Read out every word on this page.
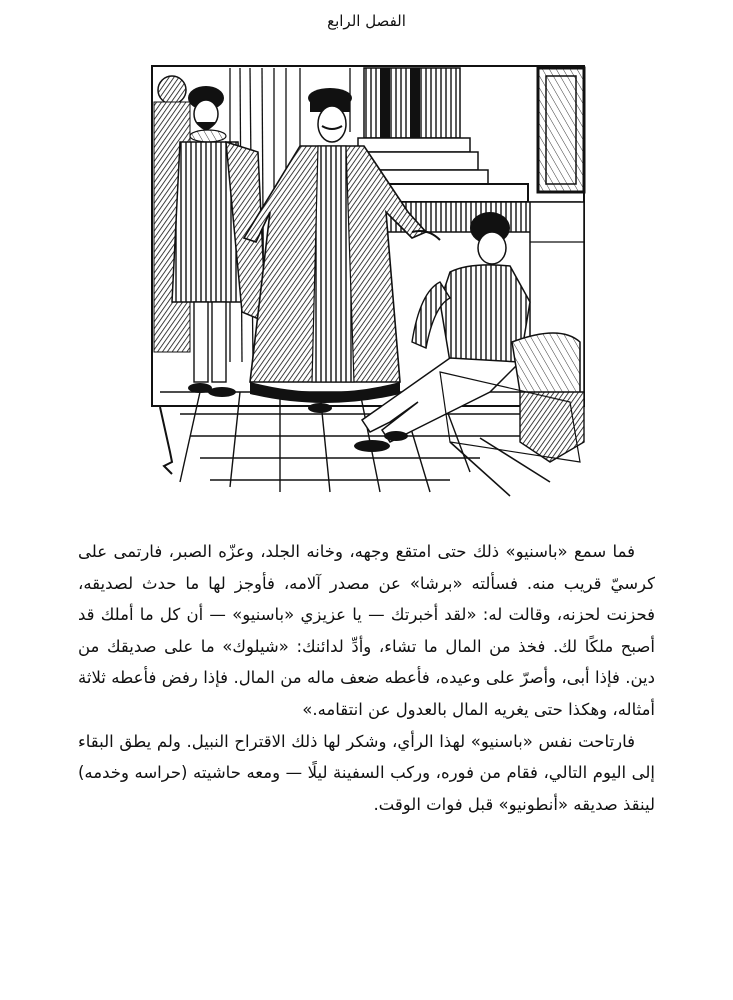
الفصل الرابع

فما سمع «باسنيو» ذلك حتى امتقع وجهه، وخانه الجلد، وعزّه الصبر، فارتمى على كرسيّ قريب منه. فسألته «برشا» عن مصدر آلامه، فأوجز لها ما حدث لصديقه، فحزنت لحزنه، وقالت له: «لقد أخبرتك — يا عزيزي «باسنيو» — أن كل ما أملك قد أصبح ملكًا لك. فخذ من المال ما تشاء، وأدِّ لدائنك: «شيلوك» ما على صديقك من دين. فإذا أبى، وأصرّ على وعيده، فأعطه ضعف ماله من المال. فإذا رفض فأعطه ثلاثة أمثاله، وهكذا حتى يغريه المال بالعدول عن انتقامه.»

فارتاحت نفس «باسنيو» لهذا الرأي، وشكر لها ذلك الاقتراح النبيل. ولم يطق البقاء إلى اليوم التالي، فقام من فوره، وركب السفينة ليلًا — ومعه حاشيته (حراسه وخدمه) لينقذ صديقه «أنطونيو» قبل فوات الوقت.
